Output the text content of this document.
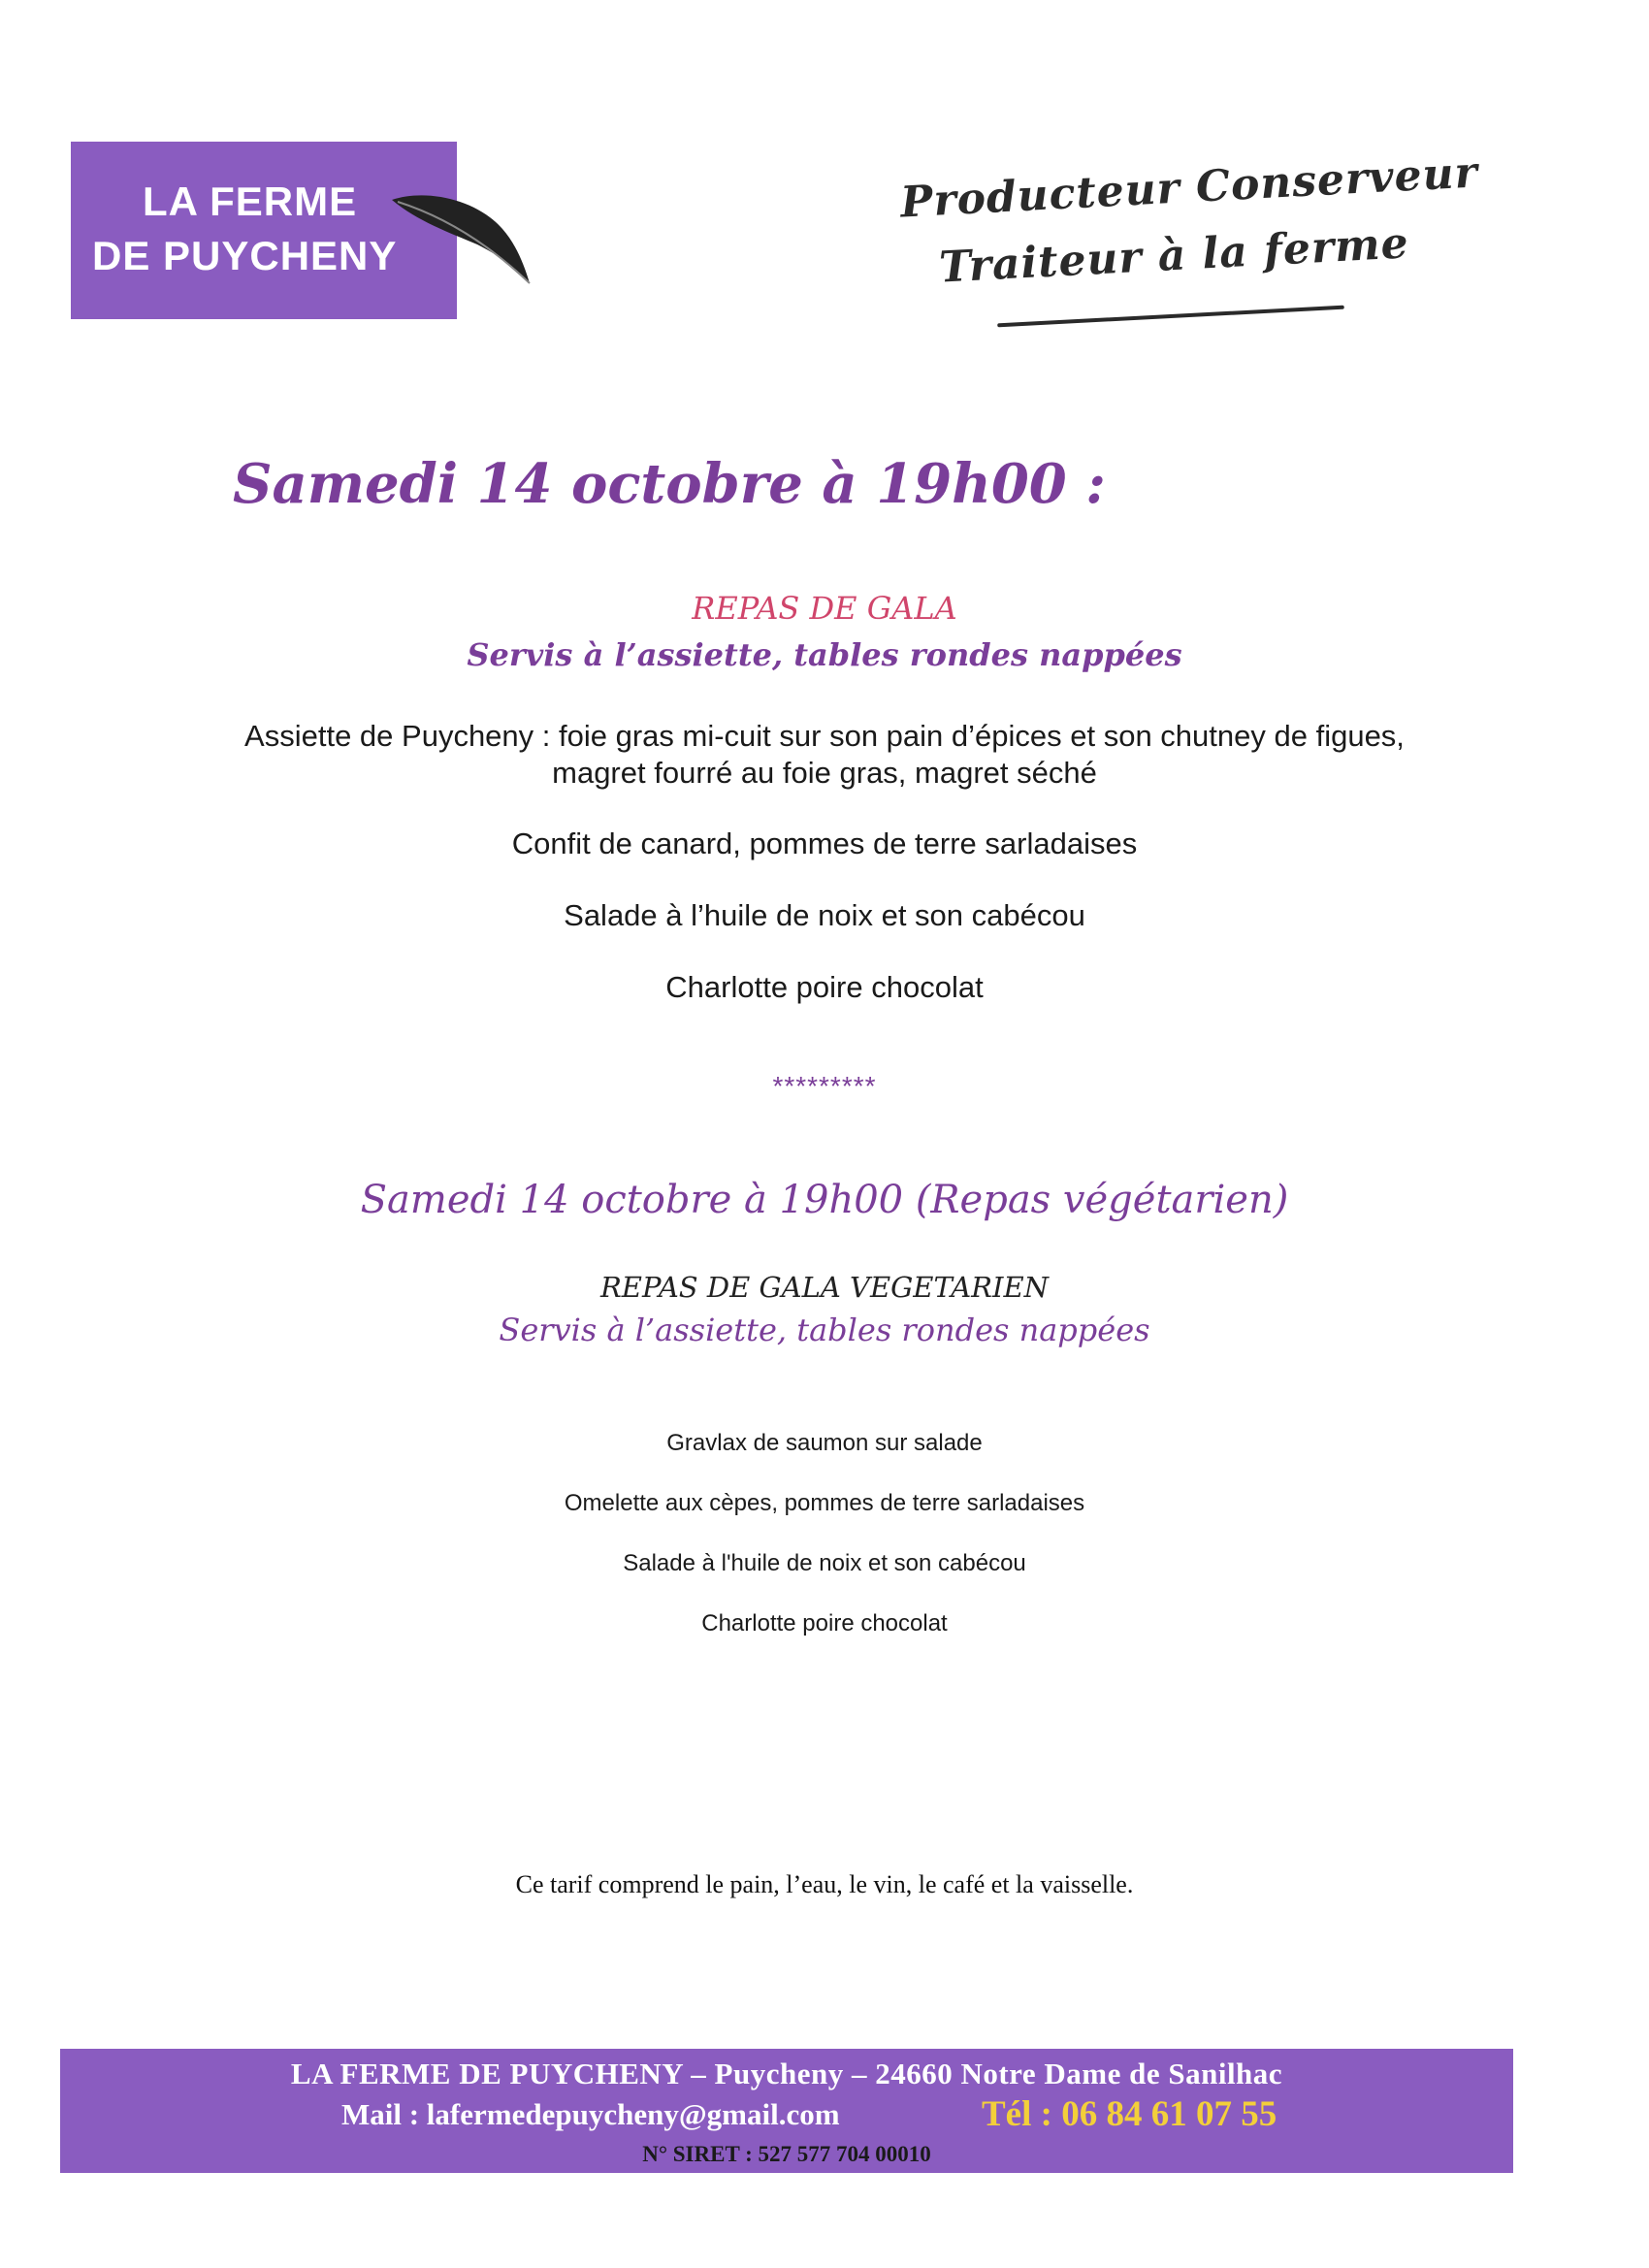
LA FERME
DE PUYCHENY
Producteur Conserveur
Traiteur à la ferme
Samedi 14 octobre à 19h00 :
REPAS DE GALA
Servis à l’assiette, tables rondes nappées
Assiette de Puycheny : foie gras mi-cuit sur son pain d’épices et son chutney de figues,
magret fourré au foie gras, magret séché
Confit de canard, pommes de terre sarladaises
Salade à l’huile de noix et son cabécou
Charlotte poire chocolat
*********
Samedi 14 octobre à 19h00 (Repas végétarien)
REPAS DE GALA VEGETARIEN
Servis à l’assiette, tables rondes nappées
Gravlax de saumon sur salade
Omelette aux cèpes, pommes de terre sarladaises
Salade à l'huile de noix et son cabécou
Charlotte poire chocolat
Ce tarif comprend le pain, l’eau, le vin, le café et la vaisselle.
LA FERME DE PUYCHENY – Puycheny – 24660 Notre Dame de Sanilhac
Mail : lafermedepuycheny@gmail.com	Tél : 06 84 61 07 55
N° SIRET : 527 577 704 00010
